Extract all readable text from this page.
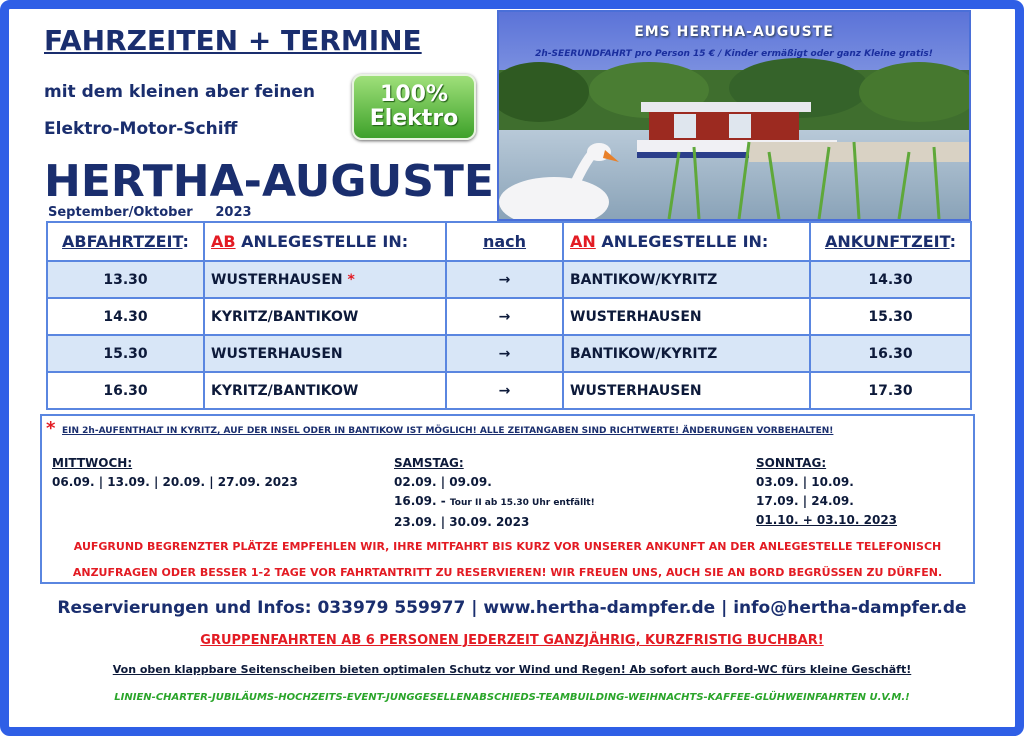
FAHRZEITEN + TERMINE
mit dem kleinen aber feinen
Elektro-Motor-Schiff
100%
Elektro
HERTHA-AUGUSTE
September/Oktober     2023
EMS HERTHA-AUGUSTE
2h-SEERUNDFAHRT pro Person 15 € / Kinder ermäßigt oder ganz Kleine gratis!
ABFAHRTZEIT:	AB ANLEGESTELLE IN:	nach	AN ANLEGESTELLE IN:	ANKUNFTZEIT:
13.30	WUSTERHAUSEN *	→	BANTIKOW/KYRITZ	14.30
14.30	KYRITZ/BANTIKOW	→	WUSTERHAUSEN	15.30
15.30	WUSTERHAUSEN	→	BANTIKOW/KYRITZ	16.30
16.30	KYRITZ/BANTIKOW	→	WUSTERHAUSEN	17.30
* EIN 2h-AUFENTHALT IN KYRITZ, AUF DER INSEL ODER IN BANTIKOW IST MÖGLICH! ALLE ZEITANGABEN SIND RICHTWERTE! ÄNDERUNGEN VORBEHALTEN!
MITTWOCH:
06.09. | 13.09. | 20.09. | 27.09. 2023
SAMSTAG:
02.09. | 09.09.
16.09. - Tour II ab 15.30 Uhr entfällt!
23.09. | 30.09. 2023
SONNTAG:
03.09. | 10.09.
17.09. | 24.09.
01.10. + 03.10. 2023
AUFGRUND BEGRENZTER PLÄTZE EMPFEHLEN WIR, IHRE MITFAHRT BIS KURZ VOR UNSERER ANKUNFT AN DER ANLEGESTELLE TELEFONISCH
ANZUFRAGEN ODER BESSER 1-2 TAGE VOR FAHRTANTRITT ZU RESERVIEREN! WIR FREUEN UNS, AUCH SIE AN BORD BEGRÜSSEN ZU DÜRFEN.
Reservierungen und Infos: 033979 559977 | www.hertha-dampfer.de | info@hertha-dampfer.de
GRUPPENFAHRTEN AB 6 PERSONEN JEDERZEIT GANZJÄHRIG, KURZFRISTIG BUCHBAR!
Von oben klappbare Seitenscheiben bieten optimalen Schutz vor Wind und Regen! Ab sofort auch Bord-WC fürs kleine Geschäft!
LINIEN-CHARTER-JUBILÄUMS-HOCHZEITS-EVENT-JUNGGESELLENABSCHIEDS-TEAMBUILDING-WEIHNACHTS-KAFFEE-GLÜHWEINFAHRTEN U.V.M.!
